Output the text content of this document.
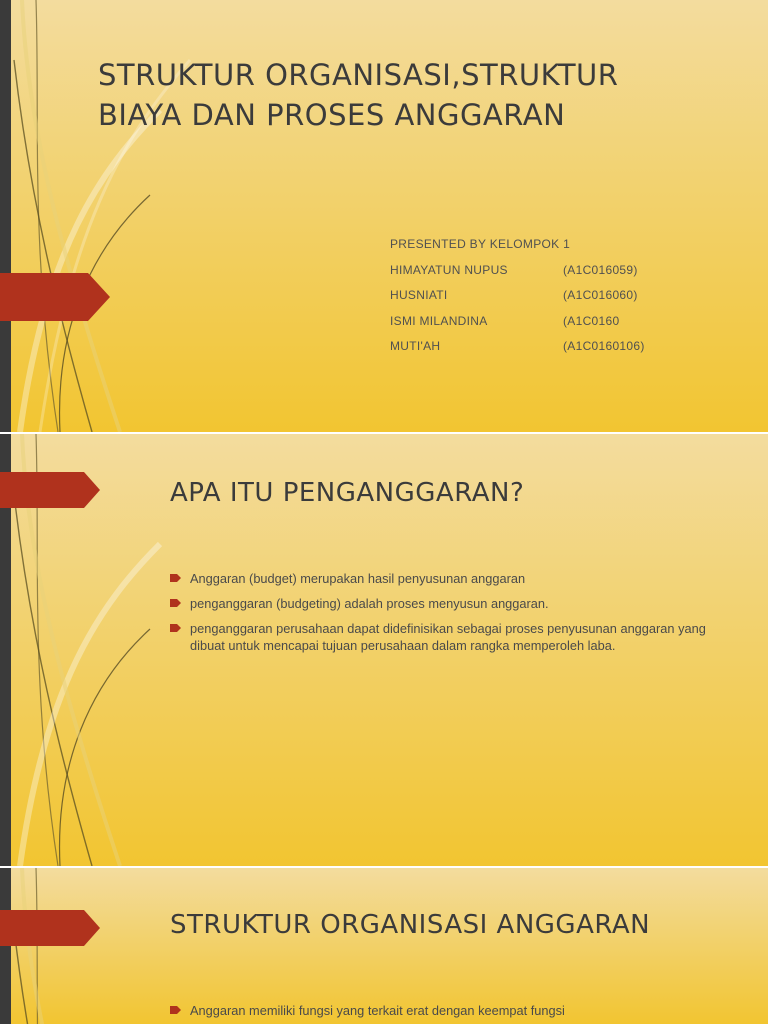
STRUKTUR ORGANISASI,STRUKTUR
BIAYA DAN PROSES ANGGARAN
PRESENTED BY KELOMPOK 1
HIMAYATUN NUPUS	(A1C016059)
HUSNIATI	(A1C016060)
ISMI MILANDINA	(A1C0160
MUTI'AH	(A1C0160106)
APA ITU PENGANGGARAN?
Anggaran (budget) merupakan hasil penyusunan anggaran
penganggaran (budgeting) adalah proses menyusun anggaran.
penganggaran perusahaan dapat didefinisikan sebagai proses penyusunan anggaran yang dibuat untuk mencapai tujuan perusahaan dalam rangka memperoleh laba.
STRUKTUR ORGANISASI ANGGARAN
Anggaran memiliki fungsi yang terkait erat dengan keempat fungsi
